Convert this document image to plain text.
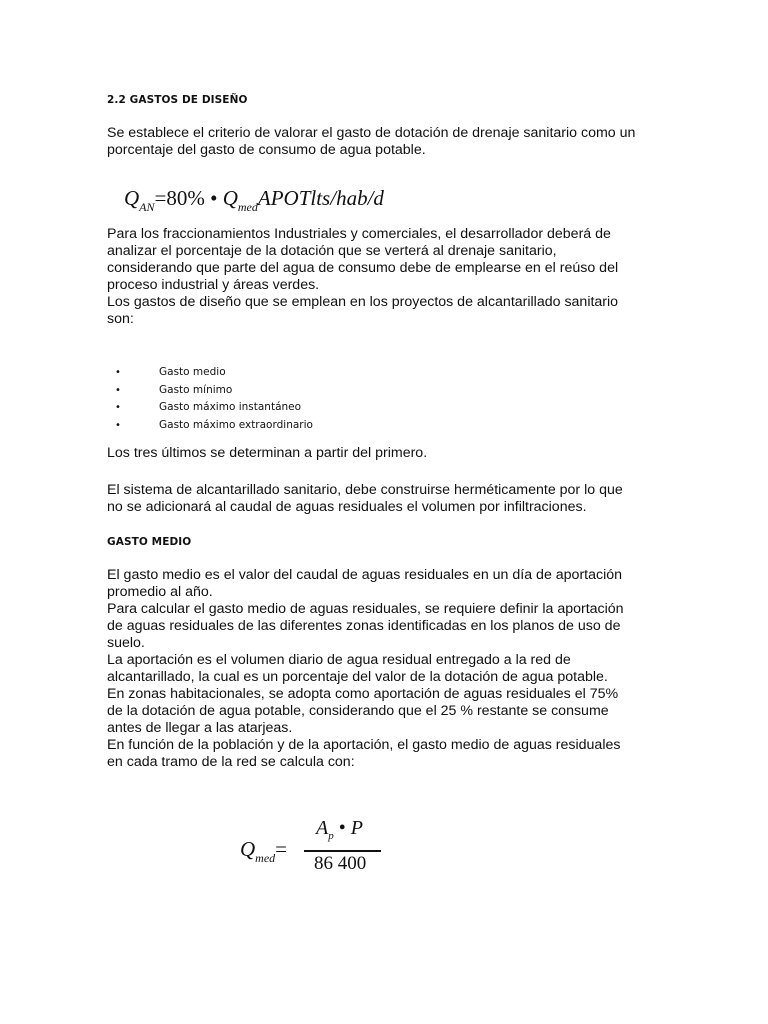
2.2 GASTOS DE DISEÑO
Se establece el criterio de valorar el gasto de dotación de drenaje sanitario como un
porcentaje del gasto de consumo de agua potable.
$Q_{AN}=80\%$ • $Q_{med}APOTlts/hab/d$
Para los fraccionamientos Industriales y comerciales, el desarrollador deberá de
analizar el porcentaje de la dotación que se verterá al drenaje sanitario,
considerando que parte del agua de consumo debe de emplearse en el reúso del
proceso industrial y áreas verdes.
Los gastos de diseño que se emplean en los proyectos de alcantarillado sanitario
son:
•	Gasto medio
•	Gasto mínimo
•	Gasto máximo instantáneo
•	Gasto máximo extraordinario
Los tres últimos se determinan a partir del primero.
El sistema de alcantarillado sanitario, debe construirse herméticamente por lo que
no se adicionará al caudal de aguas residuales el volumen por infiltraciones.
GASTO MEDIO
El gasto medio es el valor del caudal de aguas residuales en un día de aportación
promedio al año.
Para calcular el gasto medio de aguas residuales, se requiere definir la aportación
de aguas residuales de las diferentes zonas identificadas en los planos de uso de
suelo.
La aportación es el volumen diario de agua residual entregado a la red de
alcantarillado, la cual es un porcentaje del valor de la dotación de agua potable.
En zonas habitacionales, se adopta como aportación de aguas residuales el 75%
de la dotación de agua potable, considerando que el 25 % restante se consume
antes de llegar a las atarjeas.
En función de la población y de la aportación, el gasto medio de aguas residuales
en cada tramo de la red se calcula con:
$Q_{med}=$
$A_p$ • P
86 400
